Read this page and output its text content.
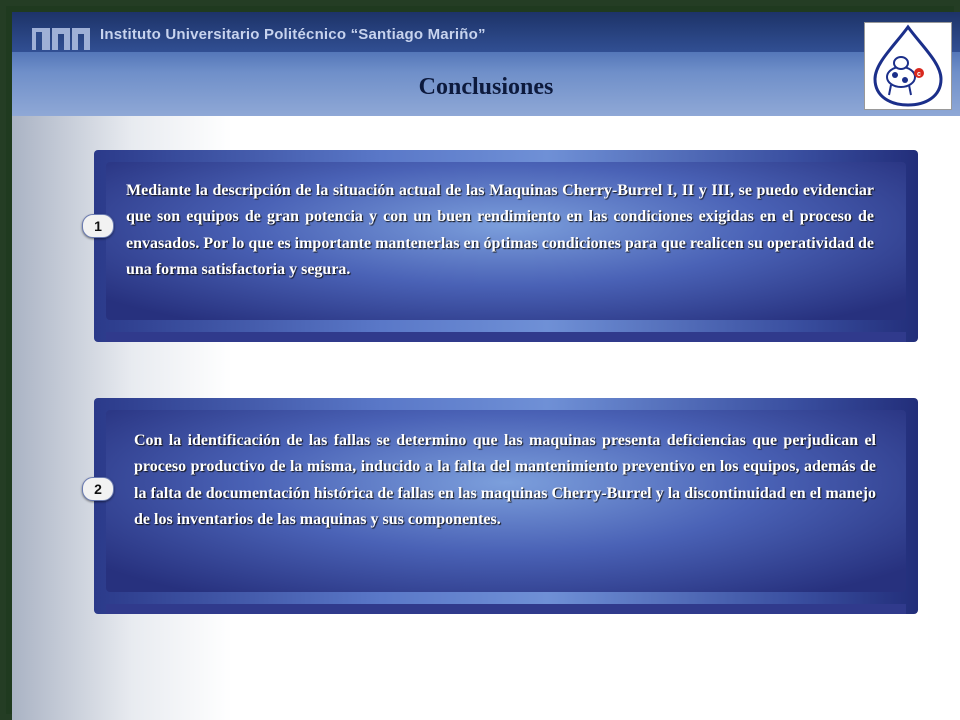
Instituto Universitario Politécnico “Santiago Mariño”
Conclusiones	c
Mediante la descripción de la situación actual de las Maquinas Cherry-Burrel I, II y III, se puedo evidenciar que son equipos de gran potencia y con un buen rendimiento en las condiciones exigidas en el proceso de envasados. Por lo que es importante mantenerlas en óptimas condiciones para que realicen su operatividad de una forma satisfactoria y segura.
1
Con la identificación de las fallas se determino que las maquinas presenta deficiencias que perjudican el proceso productivo de la misma, inducido a la falta del mantenimiento preventivo en los equipos, además de la falta de documentación histórica de fallas en las maquinas Cherry-Burrel y la discontinuidad en el manejo de los inventarios de las maquinas y sus componentes.
2
